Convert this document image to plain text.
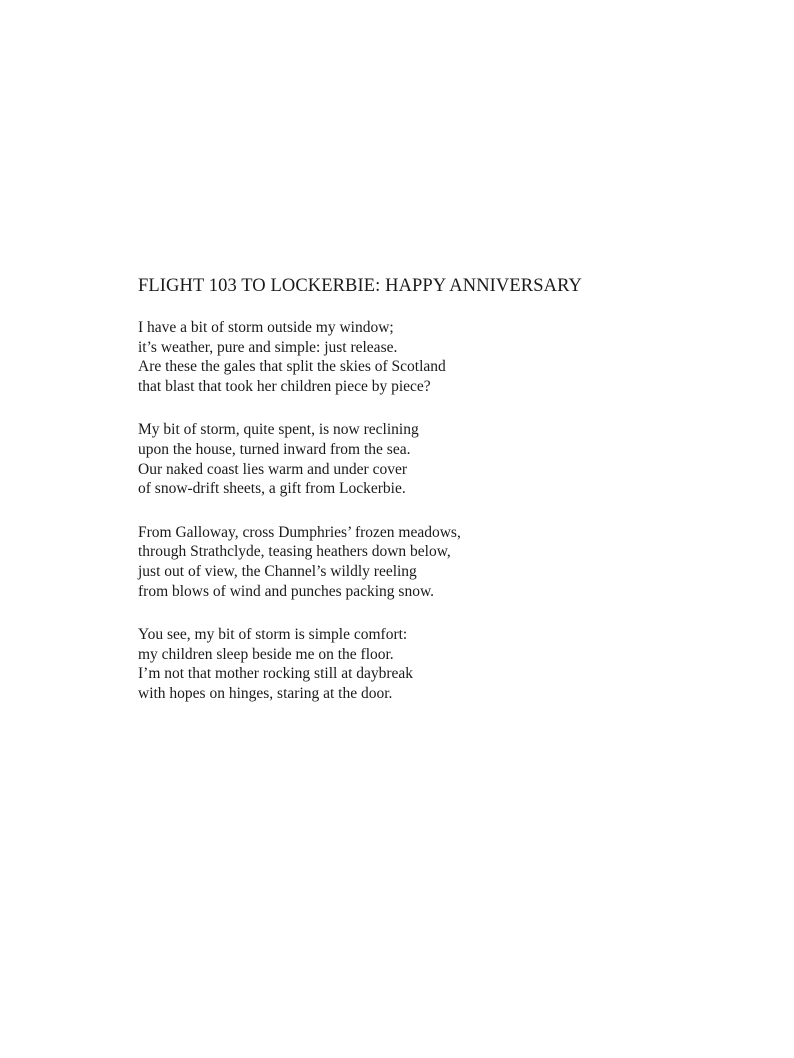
FLIGHT 103 TO LOCKERBIE: HAPPY ANNIVERSARY
I have a bit of storm outside my window;
it’s weather, pure and simple: just release.
Are these the gales that split the skies of Scotland
that blast that took her children piece by piece?
My bit of storm, quite spent, is now reclining
upon the house, turned inward from the sea.
Our naked coast lies warm and under cover
of snow-drift sheets, a gift from Lockerbie.
From Galloway, cross Dumphries’ frozen meadows,
through Strathclyde, teasing heathers down below,
just out of view, the Channel’s wildly reeling
from blows of wind and punches packing snow.
You see, my bit of storm is simple comfort:
my children sleep beside me on the floor.
I’m not that mother rocking still at daybreak
with hopes on hinges, staring at the door.
